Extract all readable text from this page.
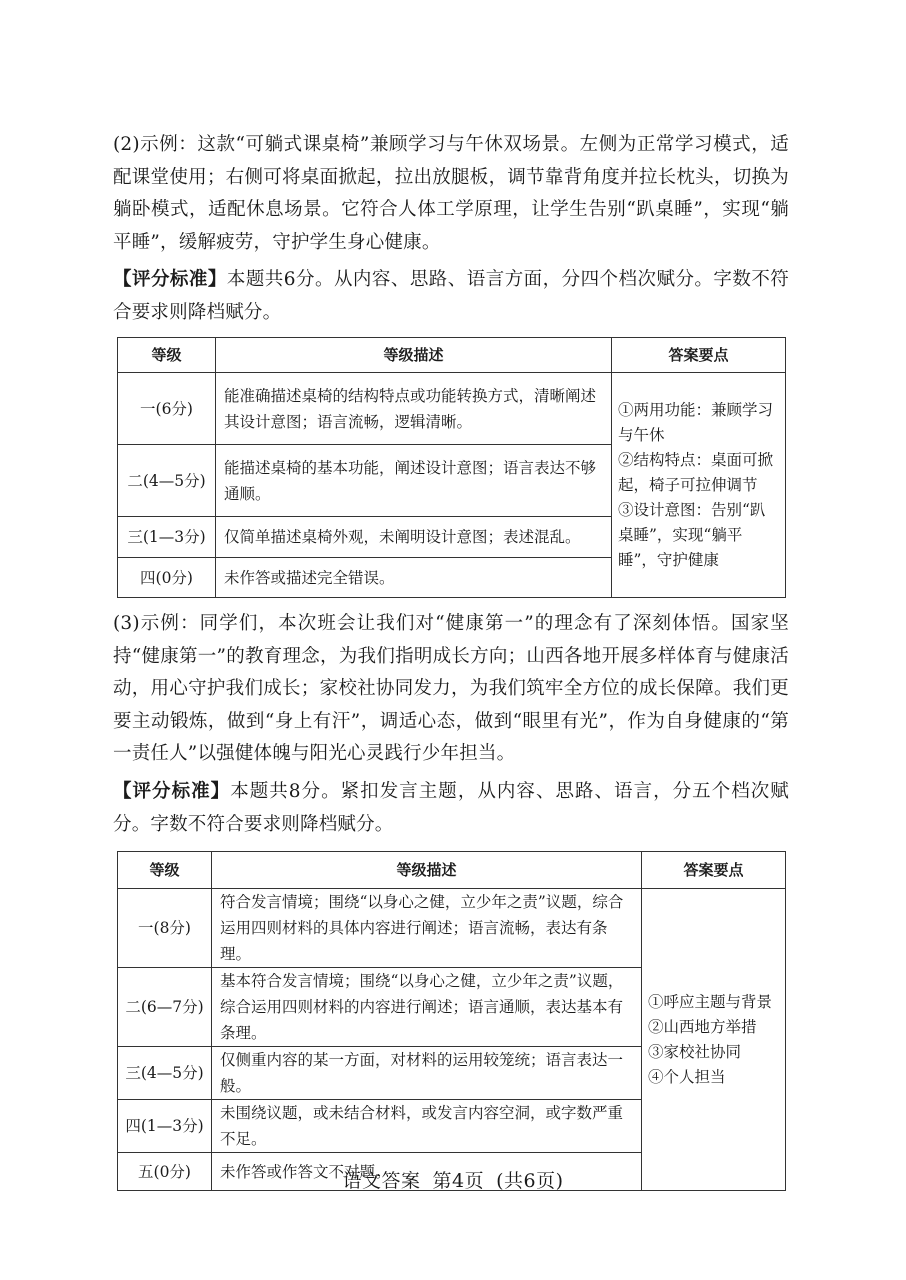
(2)示例：这款“可躺式课桌椅”兼顾学习与午休双场景。左侧为正常学习模式，适配课堂使用；右侧可将桌面掀起，拉出放腿板，调节靠背角度并拉长枕头，切换为躺卧模式，适配休息场景。它符合人体工学原理，让学生告别“趴桌睡”，实现“躺平睡”，缓解疲劳，守护学生身心健康。
【评分标准】本题共6分。从内容、思路、语言方面，分四个档次赋分。字数不符合要求则降档赋分。
等级	等级描述	答案要点
一(6分)	能准确描述桌椅的结构特点或功能转换方式，清晰阐述其设计意图；语言流畅，逻辑清晰。	①两用功能：兼顾学习与午休
②结构特点：桌面可掀起，椅子可拉伸调节
③设计意图：告别“趴桌睡”，实现“躺平睡”，守护健康

二(4—5分)	能描述桌椅的基本功能，阐述设计意图；语言表达不够通顺。	
三(1—3分)	仅简单描述桌椅外观，未阐明设计意图；表述混乱。	
四(0分)	未作答或描述完全错误。	
(3)示例：同学们，本次班会让我们对“健康第一”的理念有了深刻体悟。国家坚持“健康第一”的教育理念，为我们指明成长方向；山西各地开展多样体育与健康活动，用心守护我们成长；家校社协同发力，为我们筑牢全方位的成长保障。我们更要主动锻炼，做到“身上有汗”，调适心态，做到“眼里有光”，作为自身健康的“第一责任人”以强健体魄与阳光心灵践行少年担当。
【评分标准】本题共8分。紧扣发言主题，从内容、思路、语言，分五个档次赋分。字数不符合要求则降档赋分。
等级	等级描述	答案要点
一(8分)	符合发言情境；围绕“以身心之健，立少年之责”议题，综合运用四则材料的具体内容进行阐述；语言流畅，表达有条理。	①呼应主题与背景
②山西地方举措
③家校社协同
④个人担当

二(6—7分)	基本符合发言情境；围绕“以身心之健，立少年之责”议题，综合运用四则材料的内容进行阐述；语言通顺，表达基本有条理。	
三(4—5分)	仅侧重内容的某一方面，对材料的运用较笼统；语言表达一般。	
四(1—3分)	未围绕议题，或未结合材料，或发言内容空洞，或字数严重不足。	
五(0分)	未作答或作答文不对题。	
语文答案 第4页 (共6页)
